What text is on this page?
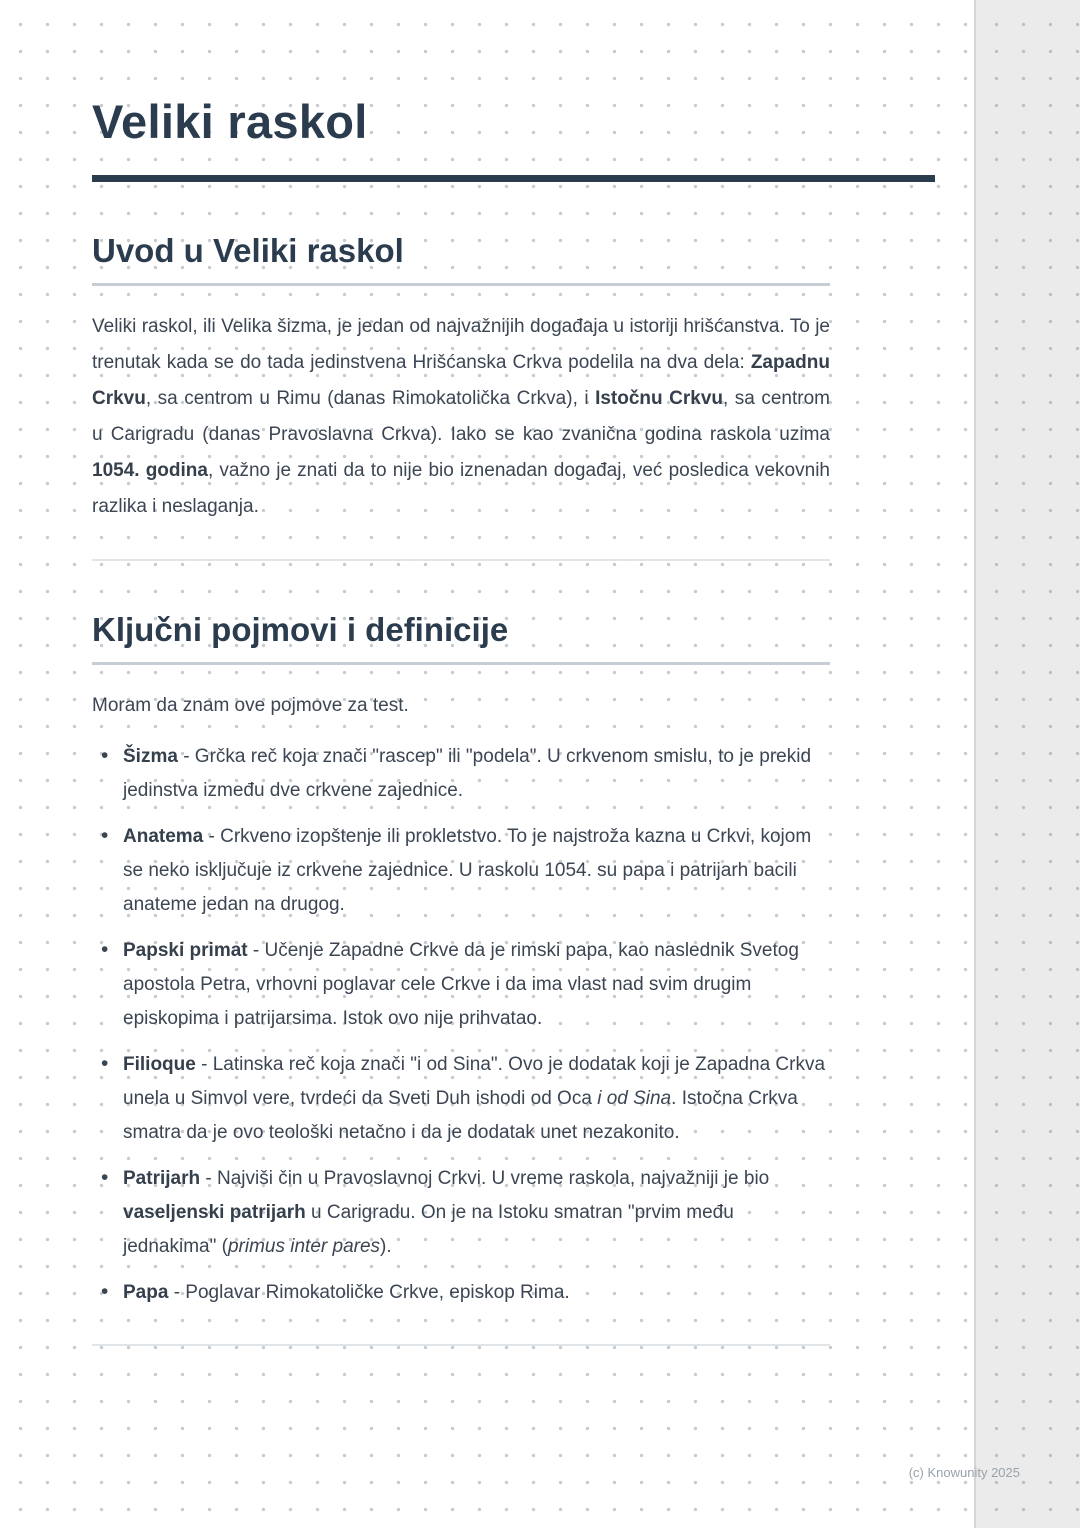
Veliki raskol
Uvod u Veliki raskol

Veliki raskol, ili Velika šizma, je jedan od najvažnijih događaja u istoriji hrišćanstva. To je trenutak kada se do tada jedinstvena Hrišćanska Crkva podelila na dva dela: Zapadnu Crkvu, sa centrom u Rimu (danas Rimokatolička Crkva), i Istočnu Crkvu, sa centrom u Carigradu (danas Pravoslavna Crkva). Iako se kao zvanična godina raskola uzima 1054. godina, važno je znati da to nije bio iznenadan događaj, već posledica vekovnih razlika i neslaganja.

Ključni pojmovi i definicije

Moram da znam ove pojmove za test.

• Šizma - Grčka reč koja znači "rascep" ili "podela". U crkvenom smislu, to je prekid jedinstva između dve crkvene zajednice.
• Anatema - Crkveno izopštenje ili prokletstvo. To je najstroža kazna u Crkvi, kojom se neko isključuje iz crkvene zajednice. U raskolu 1054. su papa i patrijarh bacili anateme jedan na drugog.
• Papski primat - Učenje Zapadne Crkve da je rimski papa, kao naslednik Svetog apostola Petra, vrhovni poglavar cele Crkve i da ima vlast nad svim drugim episkopima i patrijarsima. Istok ovo nije prihvatao.
• Filioque - Latinska reč koja znači "i od Sina". Ovo je dodatak koji je Zapadna Crkva unela u Simvol vere, tvrdeći da Sveti Duh ishodi od Oca i od Sina. Istočna Crkva smatra da je ovo teološki netačno i da je dodatak unet nezakonito.
• Patrijarh - Najviši čin u Pravoslavnoj Crkvi. U vreme raskola, najvažniji je bio vaseljenski patrijarh u Carigradu. On je na Istoku smatran "prvim među jednakima" (primus inter pares).
• Papa - Poglavar Rimokatoličke Crkve, episkop Rima.
(c) Knowunity 2025
